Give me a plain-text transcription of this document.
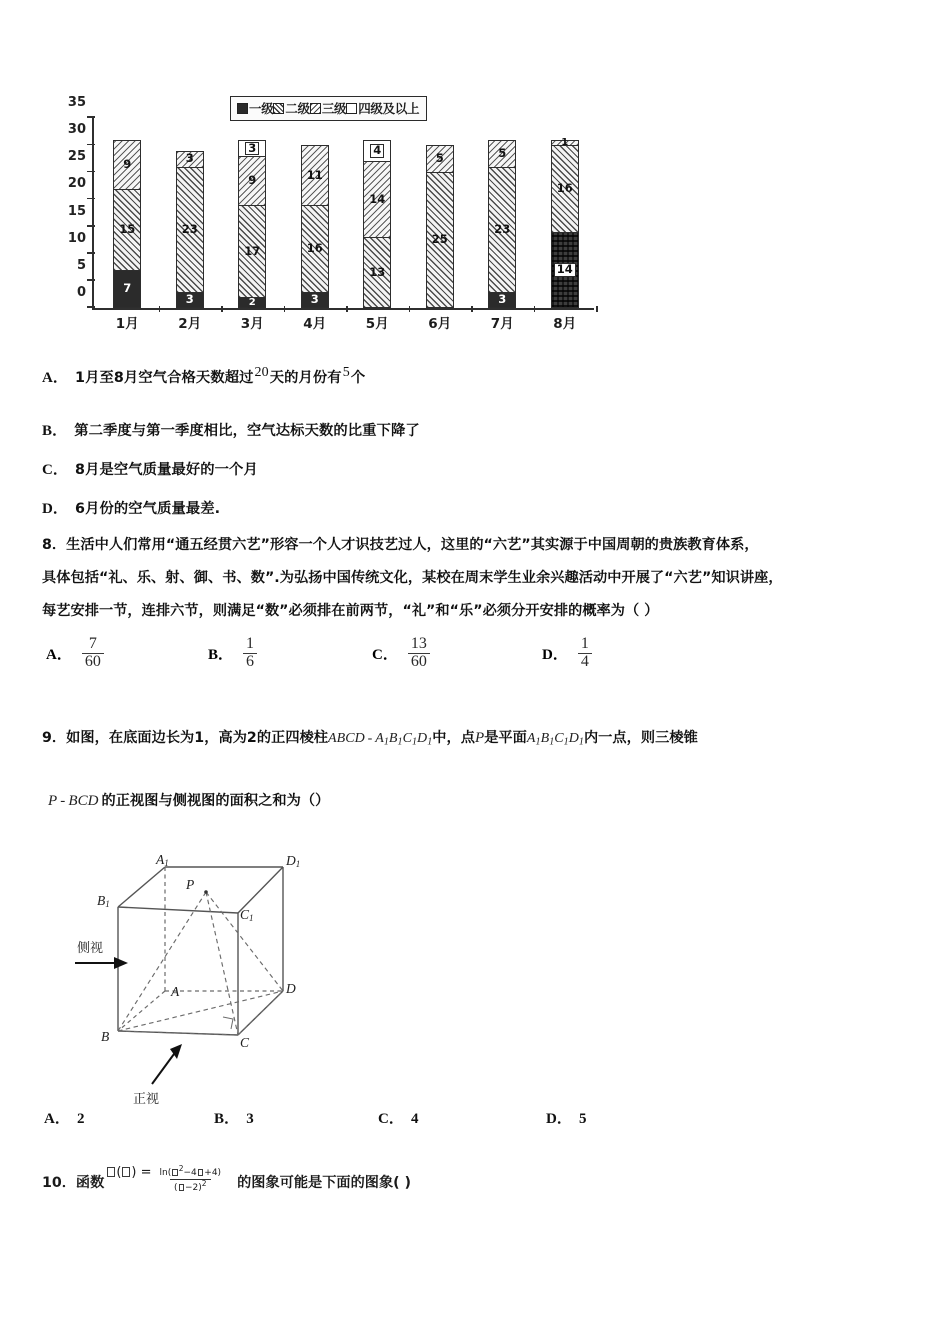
一级 二级 三级 四级及以上
0
5
10
15
20
25
30
35
7
15
9
1月
3
23
3
2月
2
17
9
3
3月
3
16
11
4月
13
14
4
5月
25
5
6月
3
23
5
7月
14
16
1
8月
A． 1月至8月空气合格天数超过$^{20}$天的月份有$^5$个
B． 第二季度与第一季度相比，空气达标天数的比重下降了
C． 8月是空气质量最好的一个月
D． 6月份的空气质量最差.
8．生活中人们常用“通五经贯六艺”形容一个人才识技艺过人，这里的“六艺”其实源于中国周朝的贵族教育体系，
具体包括“礼、乐、射、御、书、数”.为弘扬中国传统文化，某校在周末学生业余兴趣活动中开展了“六艺”知识讲座，
每艺安排一节，连排六节，则满足“数”必须排在前两节，“礼”和“乐”必须分开安排的概率为（ ）
A． $\frac{7}{60}$	B． $\frac{1}{6}$	C． $\frac{13}{60}$	D． $\frac{1}{4}$
9．如图，在底面边长为1，高为2的正四棱柱ABCD - $A_1B_1C_1D_1$中，点P是平面$A_1B_1C_1D_1$内一点，则三棱锥
P - BCD 的正视图与侧视图的面积之和为（）
$A_1$
$B_1$
$C_1$
$D_1$
P
A
B	C
D
侧视
正视
A． 2	B． 3	C． 4	D． 5
10．函数
( ) = $\frac{\ln( ^2-4 +4)}{( -2)^2}$ 的图象可能是下面的图象( )
